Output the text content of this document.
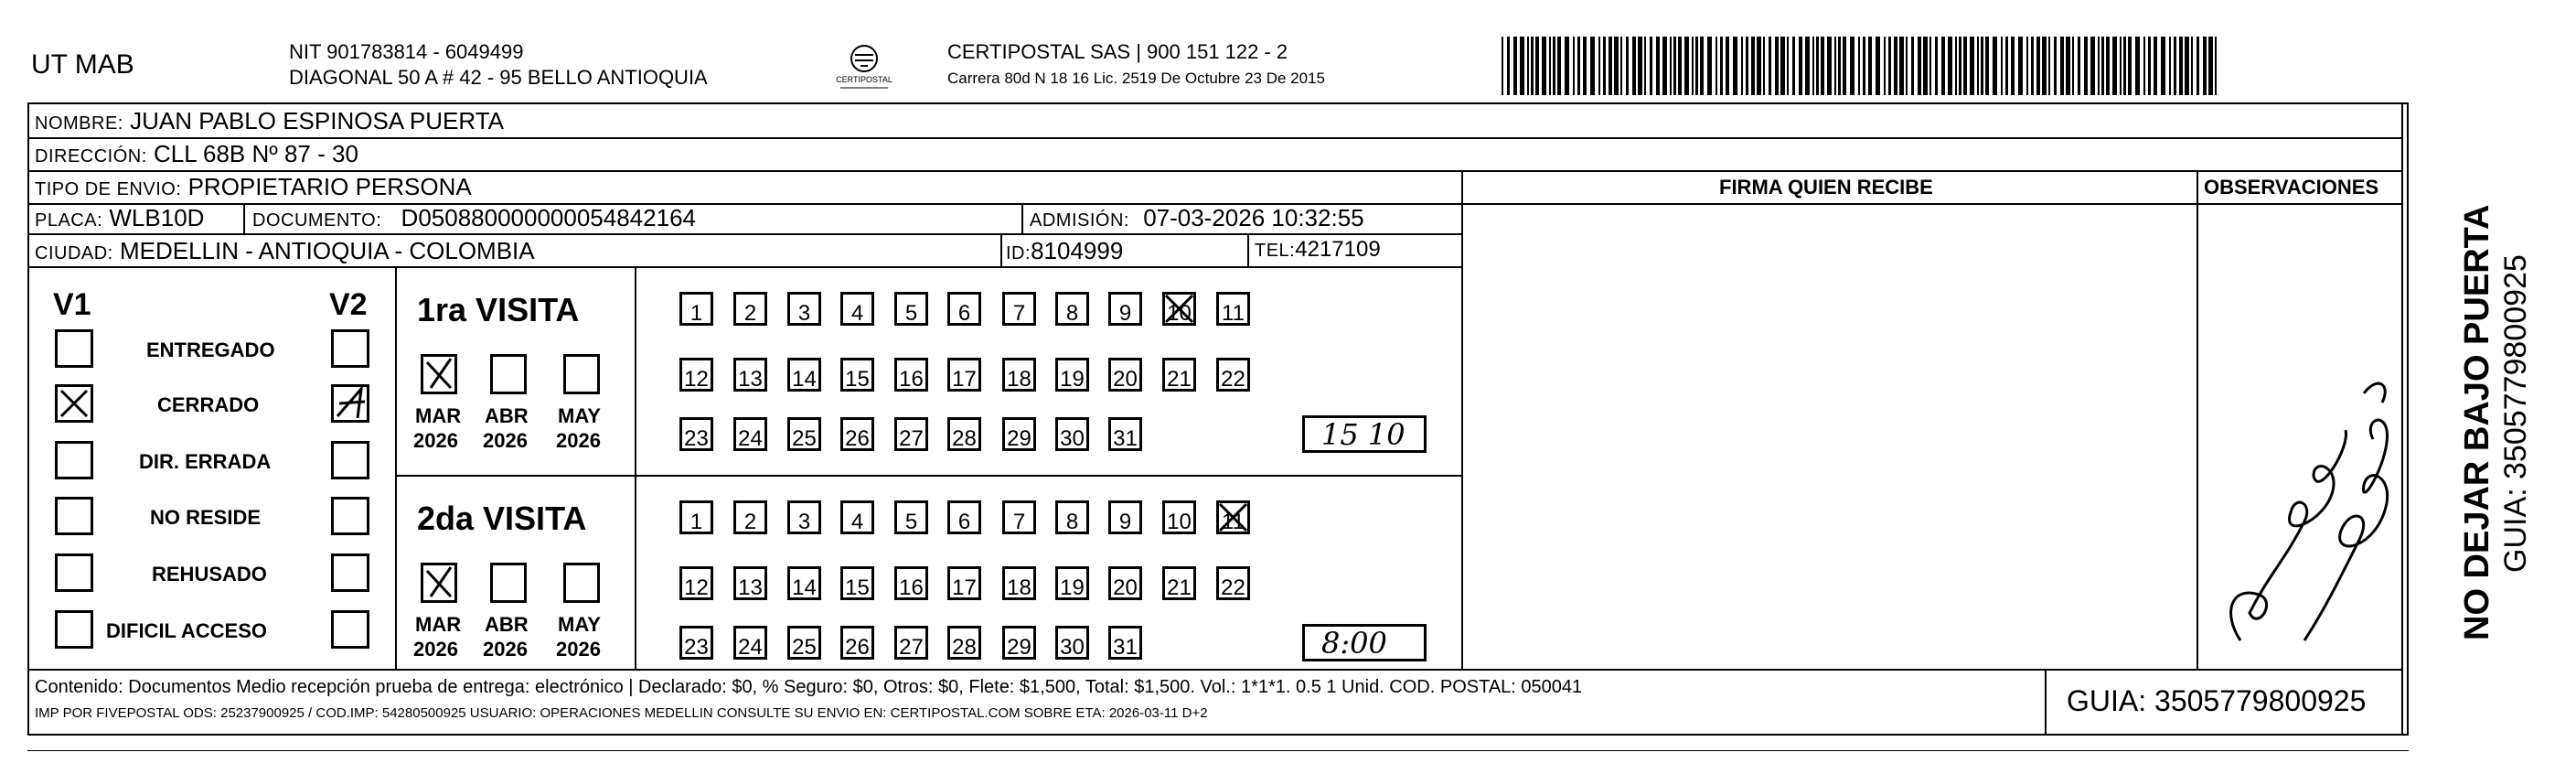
UT MAB	NIT 901783814 - 6049499
DIAGONAL 50 A # 42 - 95 BELLO ANTIOQUIA	CERTIPOSTAL
CERTIPOSTAL SAS | 900 151 122 - 2
Carrera 80d N 18 16 Lic. 2519 De Octubre 23 De 2015
NOMBRE: JUAN PABLO ESPINOSA PUERTA
DIRECCIÓN: CLL 68B Nº 87 - 30
TIPO DE ENVIO: PROPIETARIO PERSONA
PLACA: WLB10D	DOCUMENTO: D050880000000054842164	ADMISIÓN: 07-03-2026 10:32:55
CIUDAD: MEDELLIN - ANTIOQUIA - COLOMBIA	ID:8104999	TEL:4217109
FIRMA QUIEN RECIBE	OBSERVACIONES
V1	V2
ENTREGADO
CERRADO
DIR. ERRADA
NO RESIDE
REHUSADO
DIFICIL ACCESO
1ra VISITA
MAR
2026
ABR
2026
MAY
2026
1	2	3	4	5	6	7	8	9	10 11
12 13 14 15 16 17 18 19 20 21 22
23 24 25 26 27 28 29 30 31	15 10
2da VISITA
MAR
2026
ABR
2026
MAY
2026
1	2	3	4	5	6	7	8	9	10 11
12 13 14 15 16 17 18 19 20 21 22
23 24 25 26 27 28 29 30 31	8:00
Contenido: Documentos Medio recepción prueba de entrega: electrónico | Declarado: $0, % Seguro: $0, Otros: $0, Flete: $1,500, Total: $1,500. Vol.: 1*1*1. 0.5 1 Unid. COD. POSTAL: 050041
IMP POR FIVEPOSTAL ODS: 25237900925 / COD.IMP: 54280500925 USUARIO: OPERACIONES MEDELLIN CONSULTE SU ENVIO EN: CERTIPOSTAL.COM SOBRE ETA: 2026-03-11 D+2	GUIA: 3505779800925
NO DEJAR BAJO PUERTA GUIA: 3505779800925
